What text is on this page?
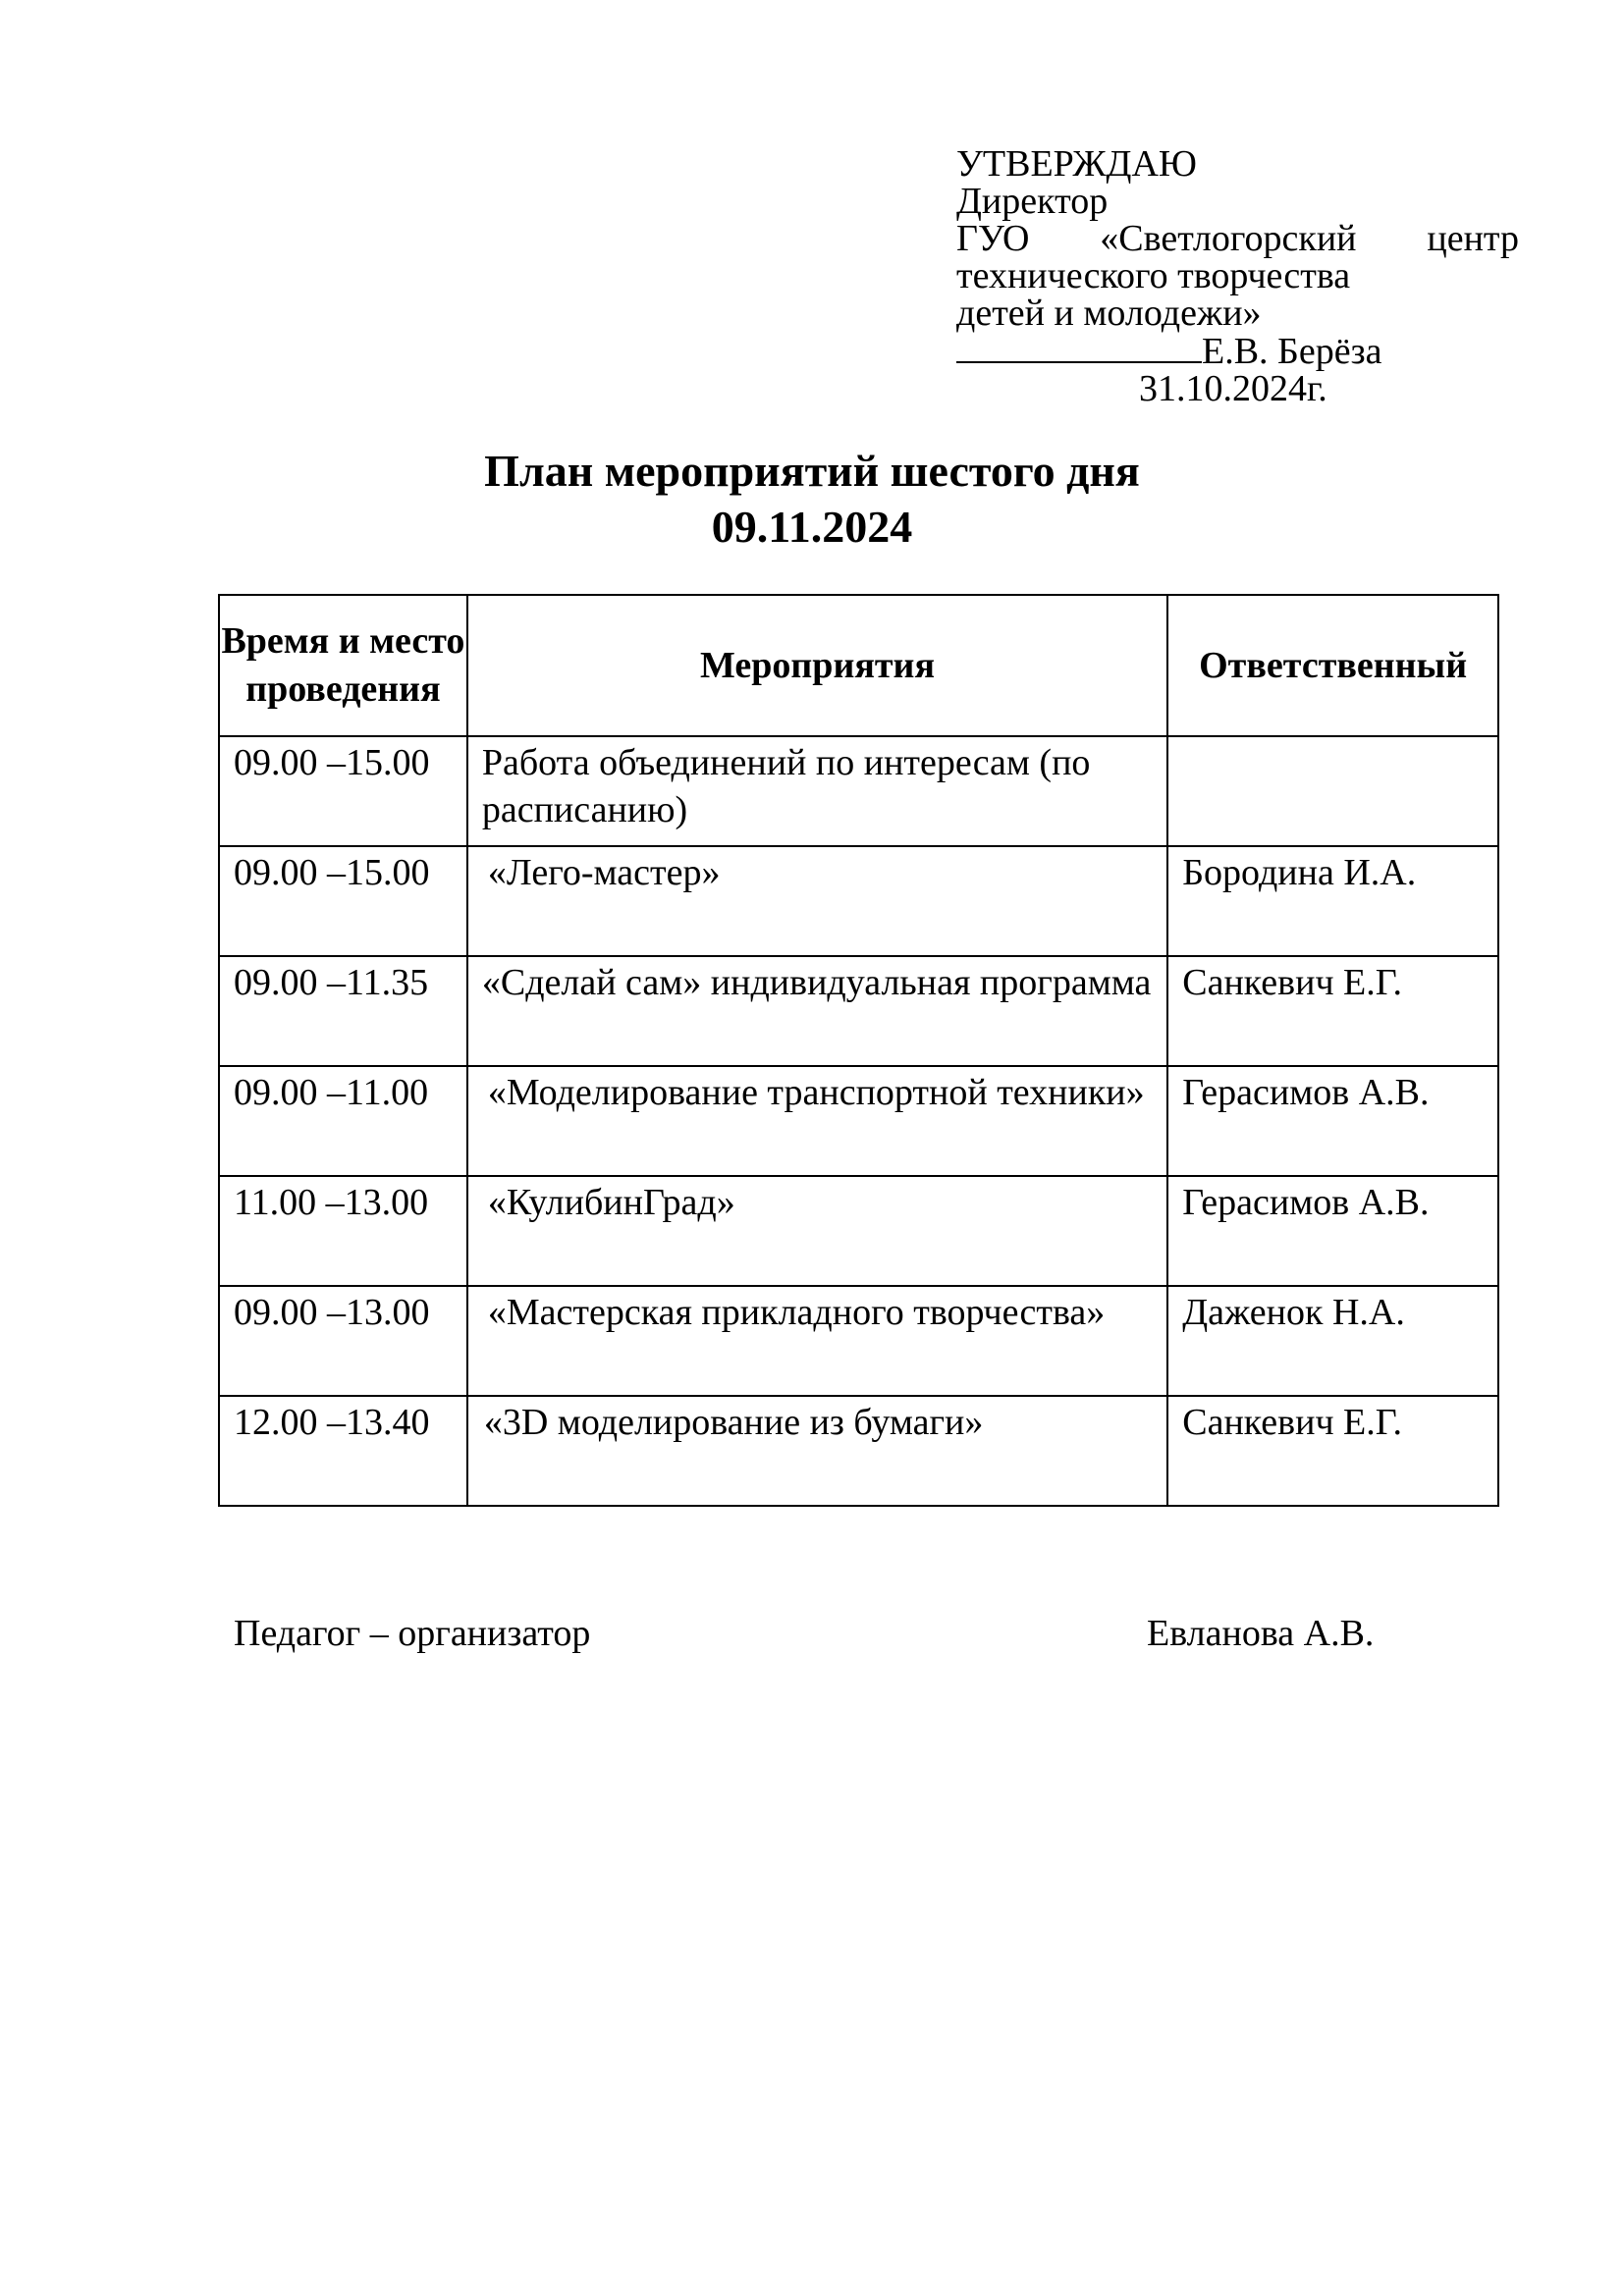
УТВЕРЖДАЮ
Директор
ГУО «Светлогорский центр
технического творчества
детей и молодежи»
Е.В. Берёза
31.10.2024г.
План мероприятий шестого дня
09.11.2024
Время и место проведения	Мероприятия	Ответственный

09.00 –15.00	Работа объединений по интересам (по расписанию)	

09.00 –15.00	«Лего-мастер»	Бородина И.А.

09.00 –11.35	«Сделай сам» индивидуальная программа	Санкевич Е.Г.

09.00 –11.00	«Моделирование транспортной техники»	Герасимов А.В.

11.00 –13.00	«КулибинГрад»	Герасимов А.В.

09.00 –13.00	«Мастерская прикладного творчества»	Даженок Н.А.

12.00 –13.40	«3D моделирование из бумаги»	Санкевич Е.Г.
Педагог – организатор	Евланова А.В.
